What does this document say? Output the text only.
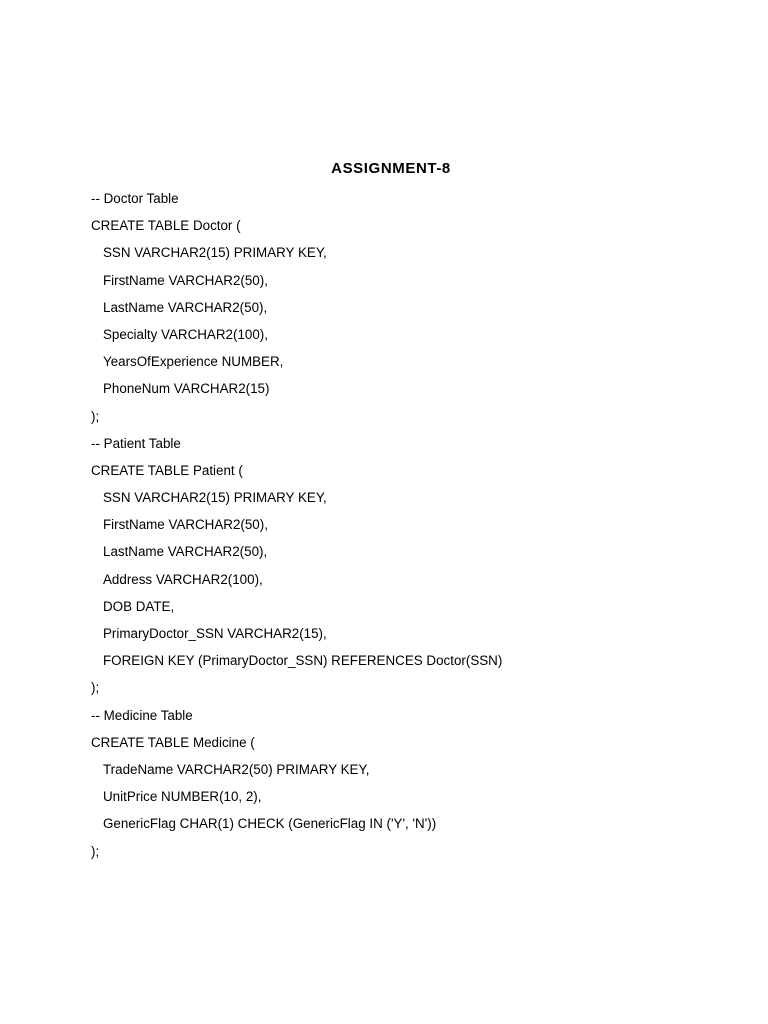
ASSIGNMENT-8
-- Doctor Table
CREATE TABLE Doctor (
SSN VARCHAR2(15) PRIMARY KEY,
FirstName VARCHAR2(50),
LastName VARCHAR2(50),
Specialty VARCHAR2(100),
YearsOfExperience NUMBER,
PhoneNum VARCHAR2(15)
);
-- Patient Table
CREATE TABLE Patient (
SSN VARCHAR2(15) PRIMARY KEY,
FirstName VARCHAR2(50),
LastName VARCHAR2(50),
Address VARCHAR2(100),
DOB DATE,
PrimaryDoctor_SSN VARCHAR2(15),
FOREIGN KEY (PrimaryDoctor_SSN) REFERENCES Doctor(SSN)
);
-- Medicine Table
CREATE TABLE Medicine (
TradeName VARCHAR2(50) PRIMARY KEY,
UnitPrice NUMBER(10, 2),
GenericFlag CHAR(1) CHECK (GenericFlag IN ('Y', 'N'))
);
